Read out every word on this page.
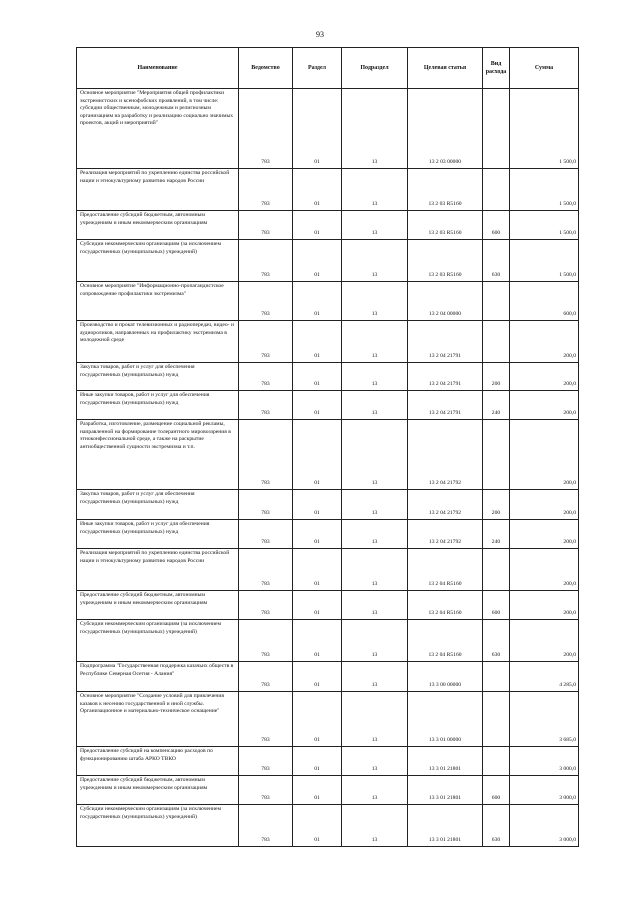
93
Наименование	Ведомство	Раздел	Подраздел	Целевая статья	Вид расхода	Сумма
Основное мероприятие "Мероприятия общей профилактики экстремистских и ксенофобских проявлений, в том числе: субсидии общественным, молодежным и религиозным организациям на разработку и реализацию социально значимых проектов, акций и мероприятий"	783	01	13	13 2 03 00000		1 500,0
Реализация мероприятий по укреплению единства российской нации и этнокультурному развитию народов России	783	01	13	13 2 03 R5160		1 500,0
Предоставление субсидий бюджетным, автономным учреждениям и иным некоммерческим организациям	783	01	13	13 2 03 R5160	600	1 500,0
Субсидии некоммерческим организациям (за исключением государственных (муниципальных) учреждений)	783	01	13	13 2 03 R5160	630	1 500,0
Основное мероприятие "Информационно-пропагандистское сопровождение профилактики экстремизма"	783	01	13	13 2 04 00000		600,0
Производство и прокат телевизионных и радиопередач, видео- и аудиороликов, направленных на профилактику экстремизма в молодежной среде	783	01	13	13 2 04 21791		200,0
Закупка товаров, работ и услуг для обеспечения государственных (муниципальных) нужд	783	01	13	13 2 04 21791	200	200,0
Иные закупки товаров, работ и услуг для обеспечения государственных (муниципальных) нужд	783	01	13	13 2 04 21791	240	200,0
Разработка, изготовление, размещение социальной рекламы, направленной на формирование толерантного мировоззрения в этноконфессиональной среде, а также на раскрытие антиобщественной сущности экстремизма и т.п.	783	01	13	13 2 04 21792		200,0
Закупка товаров, работ и услуг для обеспечения государственных (муниципальных) нужд	783	01	13	13 2 04 21792	200	200,0
Иные закупки товаров, работ и услуг для обеспечения государственных (муниципальных) нужд	783	01	13	13 2 04 21792	240	200,0
Реализация мероприятий по укреплению единства российской нации и этнокультурному развитию народов России	783	01	13	13 2 04 R5160		200,0
Предоставление субсидий бюджетным, автономным учреждениям и иным некоммерческим организациям	783	01	13	13 2 04 R5160	600	200,0
Субсидии некоммерческим организациям (за исключением государственных (муниципальных) учреждений)	783	01	13	13 2 04 R5160	630	200,0
Подпрограмма "Государственная поддержка казачьих обществ в Республике Северная Осетия - Алания"	783	01	13	13 3 00 00000		4 285,0
Основное мероприятие "Создание условий для привлечения казаков к несению государственной и иной службы. Организационное и материально-техническое оснащение"	783	01	13	13 3 01 00000		3 685,0
Предоставление субсидий на компенсацию расходов по функционированию штаба АРКО ТВКО	783	01	13	13 3 01 21801		3 000,0
Предоставление субсидий бюджетным, автономным учреждениям и иным некоммерческим организациям	783	01	13	13 3 01 21801	600	3 000,0
Субсидии некоммерческим организациям (за исключением государственных (муниципальных) учреждений)	783	01	13	13 3 01 21801	630	3 000,0
